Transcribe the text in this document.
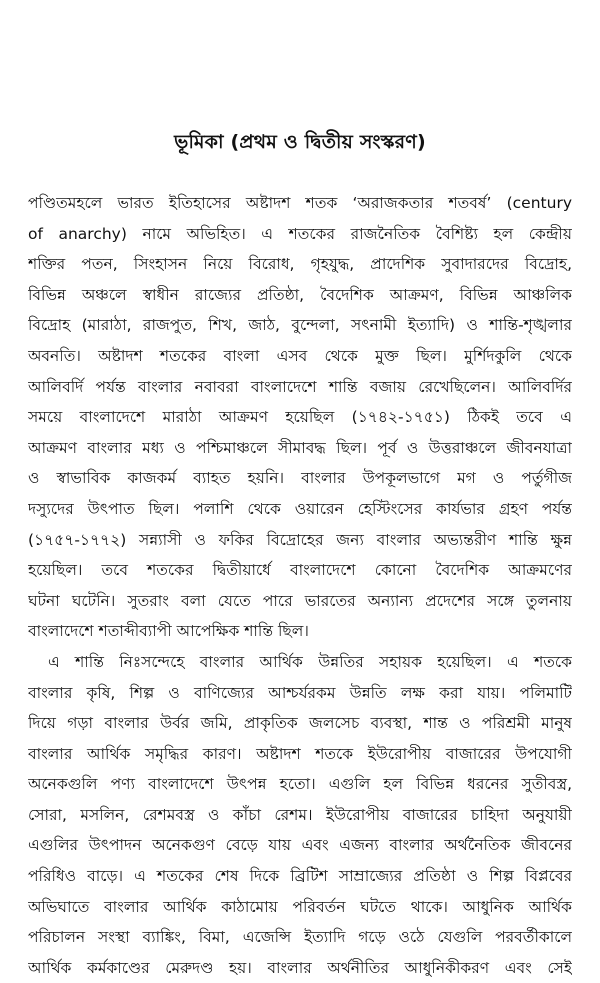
ভূমিকা (প্রথম ও দ্বিতীয় সংস্করণ)
পণ্ডিতমহলে ভারত ইতিহাসের অষ্টাদশ শতক ‘অরাজকতার শতবর্ষ’ (century
of anarchy) নামে অভিহিত। এ শতকের রাজনৈতিক বৈশিষ্ট্য হল কেন্দ্রীয়
শক্তির পতন, সিংহাসন নিয়ে বিরোধ, গৃহযুদ্ধ, প্রাদেশিক সুবাদারদের বিদ্রোহ,
বিভিন্ন অঞ্চলে স্বাধীন রাজ্যের প্রতিষ্ঠা, বৈদেশিক আক্রমণ, বিভিন্ন আঞ্চলিক
বিদ্রোহ (মারাঠা, রাজপুত, শিখ, জাঠ, বুন্দেলা, সৎনামী ইত্যাদি) ও শান্তি-শৃঙ্খলার
অবনতি। অষ্টাদশ শতকের বাংলা এসব থেকে মুক্ত ছিল। মুর্শিদকুলি থেকে
আলিবর্দি পর্যন্ত বাংলার নবাবরা বাংলাদেশে শান্তি বজায় রেখেছিলেন। আলিবর্দির
সময়ে বাংলাদেশে মারাঠা আক্রমণ হয়েছিল (১৭৪২-১৭৫১) ঠিকই তবে এ
আক্রমণ বাংলার মধ্য ও পশ্চিমাঞ্চলে সীমাবদ্ধ ছিল। পূর্ব ও উত্তরাঞ্চলে জীবনযাত্রা
ও স্বাভাবিক কাজকর্ম ব্যাহত হয়নি। বাংলার উপকূলভাগে মগ ও পর্তুগীজ
দস্যুদের উৎপাত ছিল। পলাশি থেকে ওয়ারেন হেস্টিংসের কার্যভার গ্রহণ পর্যন্ত
(১৭৫৭-১৭৭২) সন্ন্যাসী ও ফকির বিদ্রোহের জন্য বাংলার অভ্যন্তরীণ শান্তি ক্ষুন্ন
হয়েছিল। তবে শতকের দ্বিতীয়ার্ধে বাংলাদেশে কোনো বৈদেশিক আক্রমণের
ঘটনা ঘটেনি। সুতরাং বলা যেতে পারে ভারতের অন্যান্য প্রদেশের সঙ্গে তুলনায়
বাংলাদেশে শতাব্দীব্যাপী আপেক্ষিক শান্তি ছিল।
এ শান্তি নিঃসন্দেহে বাংলার আর্থিক উন্নতির সহায়ক হয়েছিল। এ শতকে
বাংলার কৃষি, শিল্প ও বাণিজ্যের আশ্চর্যরকম উন্নতি লক্ষ করা যায়। পলিমাটি
দিয়ে গড়া বাংলার উর্বর জমি, প্রাকৃতিক জলসেচ ব্যবস্থা, শান্ত ও পরিশ্রমী মানুষ
বাংলার আর্থিক সমৃদ্ধির কারণ। অষ্টাদশ শতকে ইউরোপীয় বাজারের উপযোগী
অনেকগুলি পণ্য বাংলাদেশে উৎপন্ন হতো। এগুলি হল বিভিন্ন ধরনের সুতীবস্ত্র,
সোরা, মসলিন, রেশমবস্ত্র ও কাঁচা রেশম। ইউরোপীয় বাজারের চাহিদা অনুযায়ী
এগুলির উৎপাদন অনেকগুণ বেড়ে যায় এবং এজন্য বাংলার অর্থনৈতিক জীবনের
পরিধিও বাড়ে। এ শতকের শেষ দিকে ব্রিটিশ সাম্রাজ্যের প্রতিষ্ঠা ও শিল্প বিপ্লবের
অভিঘাতে বাংলার আর্থিক কাঠামোয় পরিবর্তন ঘটতে থাকে। আধুনিক আর্থিক
পরিচালন সংস্থা ব্যাঙ্কিং, বিমা, এজেন্সি ইত্যাদি গড়ে ওঠে যেগুলি পরবর্তীকালে
আর্থিক কর্মকাণ্ডের মেরুদণ্ড হয়। বাংলার অর্থনীতির আধুনিকীকরণ এবং সেই
